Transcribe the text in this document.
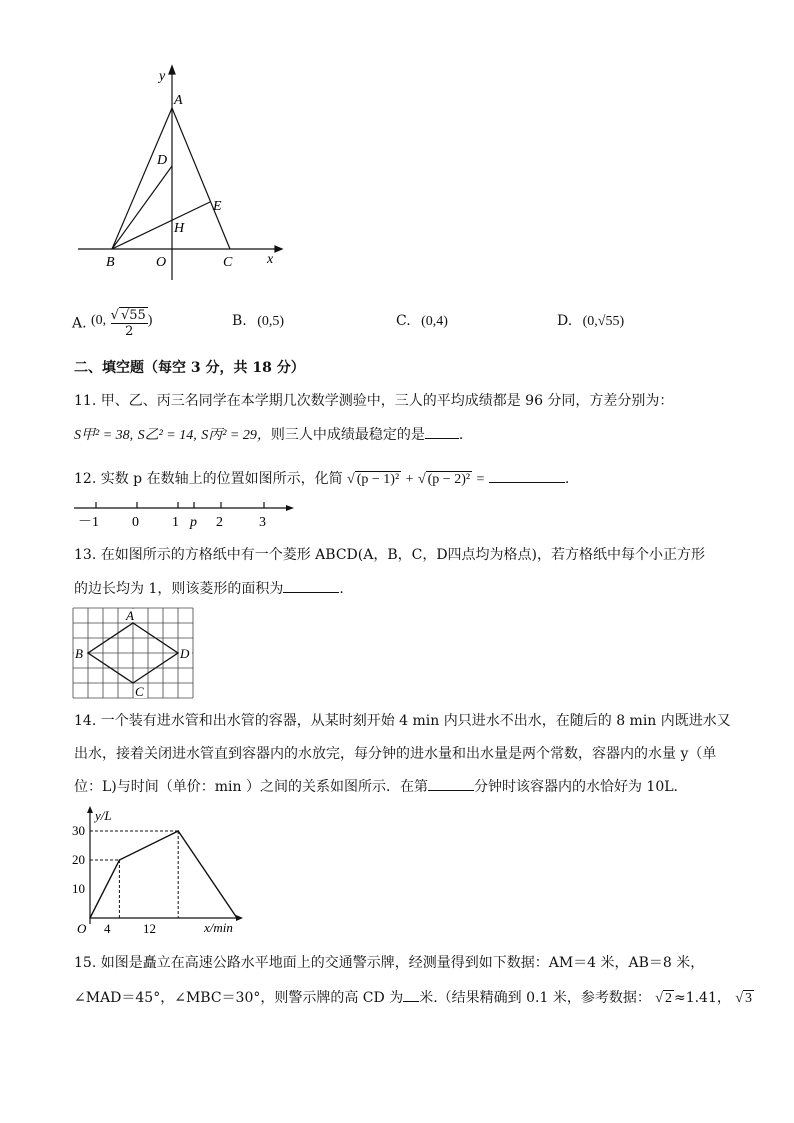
y
A
D
E
H
B	O	C x
A. (0, $\frac{√ √55}{2}$ )	B. (0,5)	C. (0,4)	D. (0,√55)
二、填空题（每空 3 分，共 18 分）
11. 甲、乙、丙三名同学在本学期几次数学测验中，三人的平均成绩都是 96 分同，方差分别为：
S甲² = 38, S乙² = 14, S丙² = 29，则三人中成绩最稳定的是 .
12. 实数 p 在数轴上的位置如图所示，化简 √ (p − 1)² + √ (p − 2)² =	.
－1 0 1 p 2	3
13. 在如图所示的方格纸中有一个菱形 ABCD(A，B，C，D四点均为格点)，若方格纸中每个小正方形
的边长均为 1，则该菱形的面积为	.
A
B
C
D
14. 一个装有进水管和出水管的容器，从某时刻开始 4 min 内只进水不出水，在随后的 8 min 内既进水又
出水，接着关闭进水管直到容器内的水放完，每分钟的进水量和出水量是两个常数，容器内的水量 y（单
位：L)与时间（单价：min ）之间的关系如图所示．在第	分钟时该容器内的水恰好为 10L．
y/L
x/min
O
30
20
10
4	12
15. 如图是矗立在高速公路水平地面上的交通警示牌，经测量得到如下数据：AM＝4 米，AB＝8 米，
∠MAD＝45°，∠MBC＝30°，则警示牌的高 CD 为 米.（结果精确到 0.1 米，参考数据： √ 2 ≈1.41， √ 3
